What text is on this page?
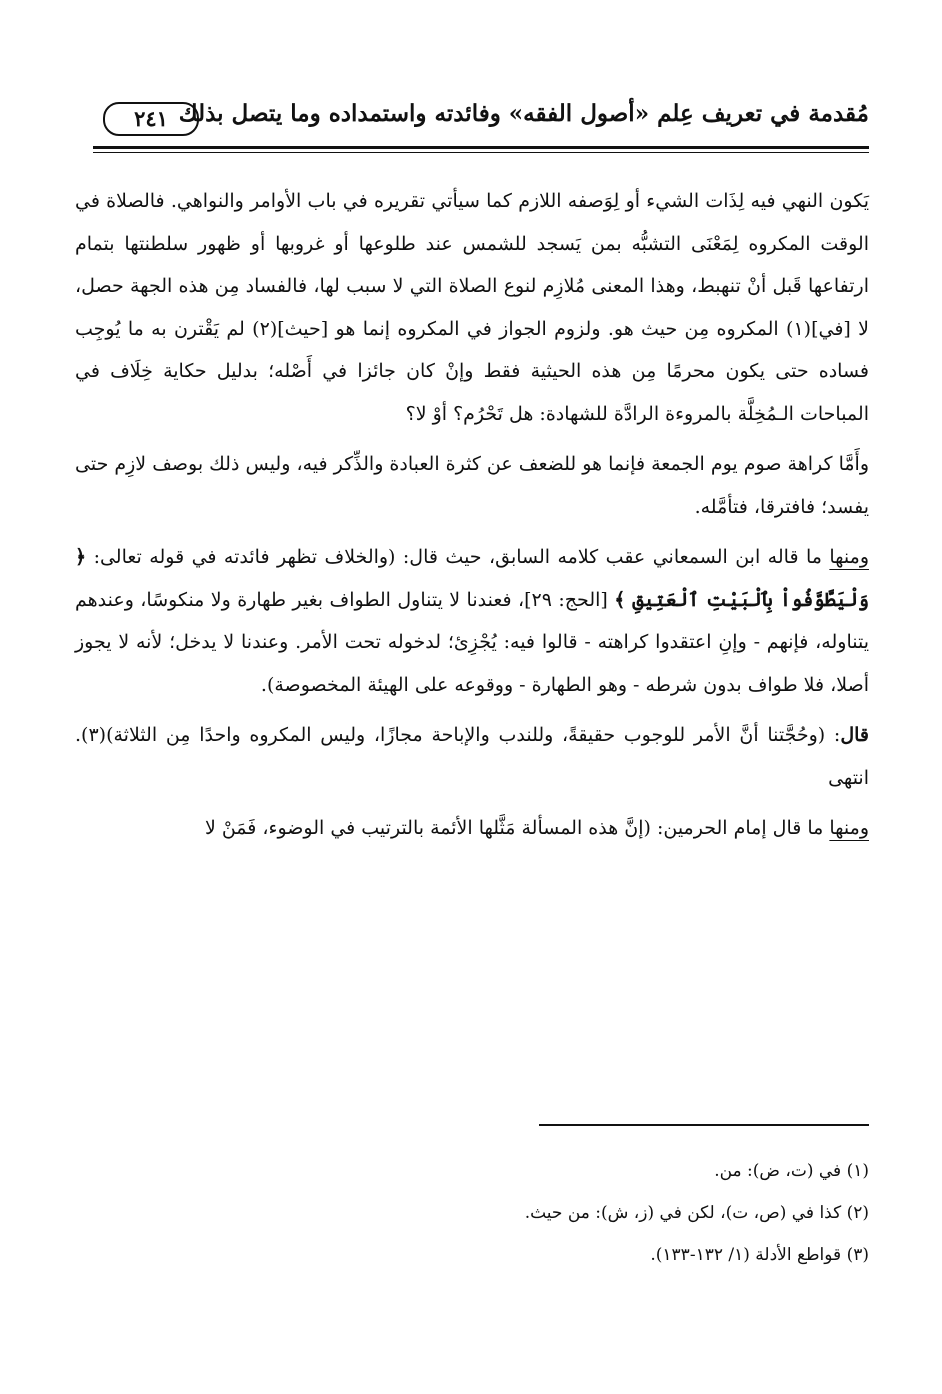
مُقدمة في تعريف عِلم «أصول الفقه» وفائدته واستمداده وما يتصل بذلك
٢٤١

يَكون النهي فيه لِذَات الشيء أو لِوَصفه اللازم كما سيأتي تقريره في باب الأوامر والنواهي. فالصلاة في الوقت المكروه لِمَعْنَى التشبُّه بمن يَسجد للشمس عند طلوعها أو غروبها أو ظهور سلطنتها بتمام ارتفاعها قَبل أنْ تنهبط، وهذا المعنى مُلازِم لنوع الصلاة التي لا سبب لها، فالفساد مِن هذه الجهة حصل، لا [في](١) المكروه مِن حيث هو. ولزوم الجواز في المكروه إنما هو [حيث](٢) لم يَقْترن به ما يُوجِب فساده حتى يكون محرمًا مِن هذه الحيثية فقط وإنْ كان جائزا في أَصْله؛ بدليل حكاية خِلَاف في المباحات الـمُخِلَّة بالمروءة الرادَّة للشهادة: هل تَحْرُم؟ أوْ لا؟

وأَمَّا كراهة صوم يوم الجمعة فإنما هو للضعف عن كثرة العبادة والذِّكر فيه، وليس ذلك بوصف لازِم حتى يفسد؛ فافترقا، فتأمَّله.

ومنها ما قاله ابن السمعاني عقب كلامه السابق، حيث قال: (والخلاف تظهر فائدته في قوله تعالى: ﴿ وَلْيَطَّوَّفُواْ بِٱلْبَيْتِ ٱلْعَتِيقِ ﴾ [الحج: ٢٩]، فعندنا لا يتناول الطواف بغير طهارة ولا منكوسًا، وعندهم يتناوله، فإنهم - وإنِ اعتقدوا كراهته - قالوا فيه: يُجْزِئ؛ لدخوله تحت الأمر. وعندنا لا يدخل؛ لأنه لا يجوز أصلا، فلا طواف بدون شرطه - وهو الطهارة - ووقوعه على الهيئة المخصوصة).

قال: (وحُجَّتنا أنَّ الأمر للوجوب حقيقةً، وللندب والإباحة مجازًا، وليس المكروه واحدًا مِن الثلاثة)(٣). انتهى

ومنها ما قال إمام الحرمين: (إنَّ هذه المسألة مَثَّلها الأئمة بالترتيب في الوضوء، فَمَنْ لا

(١) في (ت، ض): من.
(٢) كذا في (ص، ت)، لكن في (ز، ش): من حيث.
(٣) قواطع الأدلة (١/ ١٣٢-١٣٣).
